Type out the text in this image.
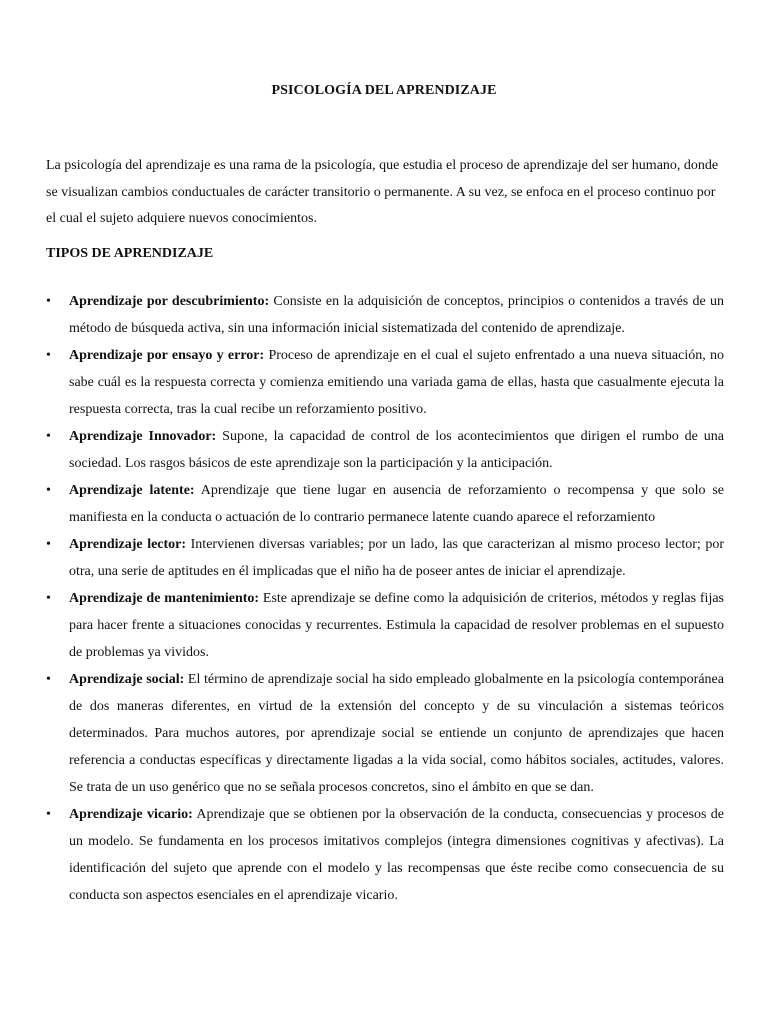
PSICOLOGÍA DEL APRENDIZAJE

La psicología del aprendizaje es una rama de la psicología, que estudia el proceso de aprendizaje del ser humano, donde se visualizan cambios conductuales de carácter transitorio o permanente. A su vez, se enfoca en el proceso continuo por el cual el sujeto adquiere nuevos conocimientos.

TIPOS DE APRENDIZAJE

• Aprendizaje por descubrimiento: Consiste en la adquisición de conceptos, principios o contenidos a través de un método de búsqueda activa, sin una información inicial sistematizada del contenido de aprendizaje.
• Aprendizaje por ensayo y error: Proceso de aprendizaje en el cual el sujeto enfrentado a una nueva situación, no sabe cuál es la respuesta correcta y comienza emitiendo una variada gama de ellas, hasta que casualmente ejecuta la respuesta correcta, tras la cual recibe un reforzamiento positivo.
• Aprendizaje Innovador: Supone, la capacidad de control de los acontecimientos que dirigen el rumbo de una sociedad. Los rasgos básicos de este aprendizaje son la participación y la anticipación.
• Aprendizaje latente: Aprendizaje que tiene lugar en ausencia de reforzamiento o recompensa y que solo se manifiesta en la conducta o actuación de lo contrario permanece latente cuando aparece el reforzamiento
• Aprendizaje lector: Intervienen diversas variables; por un lado, las que caracterizan al mismo proceso lector; por otra, una serie de aptitudes en él implicadas que el niño ha de poseer antes de iniciar el aprendizaje.
• Aprendizaje de mantenimiento: Este aprendizaje se define como la adquisición de criterios, métodos y reglas fijas para hacer frente a situaciones conocidas y recurrentes. Estimula la capacidad de resolver problemas en el supuesto de problemas ya vividos.
• Aprendizaje social: El término de aprendizaje social ha sido empleado globalmente en la psicología contemporánea de dos maneras diferentes, en virtud de la extensión del concepto y de su vinculación a sistemas teóricos determinados. Para muchos autores, por aprendizaje social se entiende un conjunto de aprendizajes que hacen referencia a conductas específicas y directamente ligadas a la vida social, como hábitos sociales, actitudes, valores. Se trata de un uso genérico que no se señala procesos concretos, sino el ámbito en que se dan.
• Aprendizaje vicario: Aprendizaje que se obtienen por la observación de la conducta, consecuencias y procesos de un modelo. Se fundamenta en los procesos imitativos complejos (integra dimensiones cognitivas y afectivas). La identificación del sujeto que aprende con el modelo y las recompensas que éste recibe como consecuencia de su conducta son aspectos esenciales en el aprendizaje vicario.
